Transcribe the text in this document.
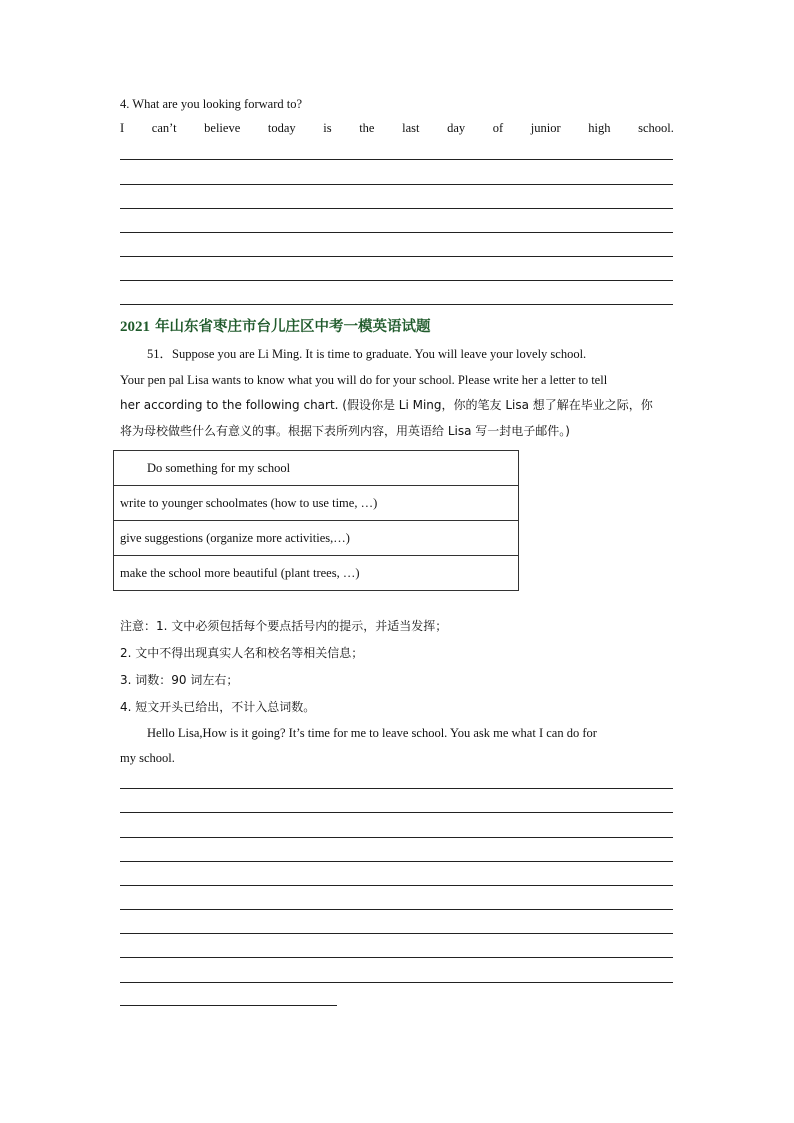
4. What are you looking forward to?
I can’t believe today is the last day of junior high school.
2021 年山东省枣庄市台儿庄区中考一模英语试题
51．Suppose you are Li Ming. It is time to graduate. You will leave your lovely school.
Your pen pal Lisa wants to know what you will do for your school. Please write her a letter to tell
her according to the following chart. (假设你是 Li Ming，你的笔友 Lisa 想了解在毕业之际，你
将为母校做些什么有意义的事。根据下表所列内容，用英语给 Lisa 写一封电子邮件。)
Do something for my school
write to younger schoolmates (how to use time, …)
give suggestions (organize more activities,…)
make the school more beautiful (plant trees, …)
注意：1. 文中必须包括每个要点括号内的提示，并适当发挥；
2. 文中不得出现真实人名和校名等相关信息；
3. 词数：90 词左右；
4. 短文开头已给出，不计入总词数。
Hello Lisa,How is it going? It’s time for me to leave school. You ask me what I can do for
my school.
